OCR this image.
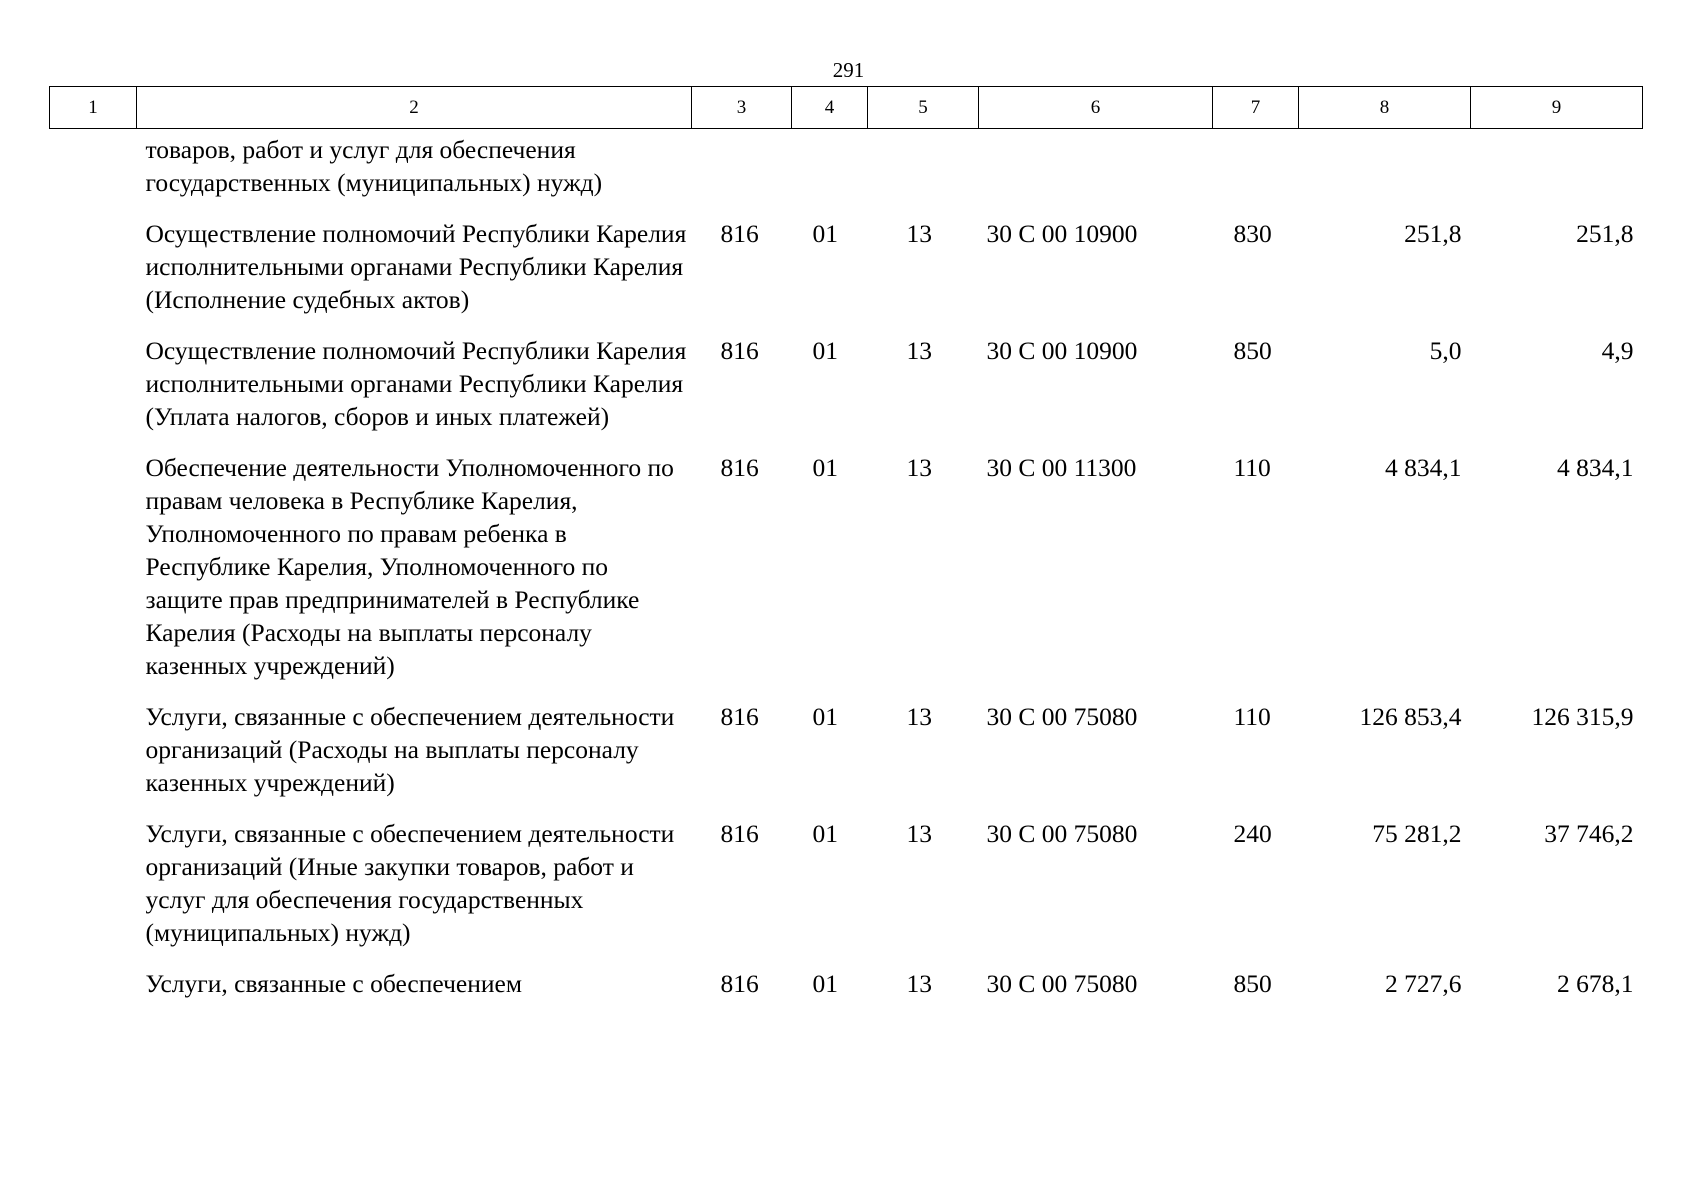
291
1	2	3	4	5	6	7	8	9
	товаров, работ и услуг для обеспечения государственных (муниципальных) нужд)							
	Осуществление полномочий Республики Карелия исполнительными органами Республики Карелия (Исполнение судебных актов)	816	01	13	30 С 00 10900	830	251,8	251,8
	Осуществление полномочий Республики Карелия исполнительными органами Республики Карелия (Уплата налогов, сборов и иных платежей)	816	01	13	30 С 00 10900	850	5,0	4,9
	Обеспечение деятельности Уполномоченного по правам человека в Республике Карелия, Уполномоченного по правам ребенка в Республике Карелия, Уполномоченного по защите прав предпринимателей в Республике Карелия (Расходы на выплаты персоналу казенных учреждений)	816	01	13	30 С 00 11300	110	4 834,1	4 834,1
	Услуги, связанные с обеспечением деятельности организаций (Расходы на выплаты персоналу казенных учреждений)	816	01	13	30 С 00 75080	110	126 853,4	126 315,9
	Услуги, связанные с обеспечением деятельности организаций (Иные закупки товаров, работ и услуг для обеспечения государственных (муниципальных) нужд)	816	01	13	30 С 00 75080	240	75 281,2	37 746,2
	Услуги, связанные с обеспечением	816	01	13	30 С 00 75080	850	2 727,6	2 678,1
